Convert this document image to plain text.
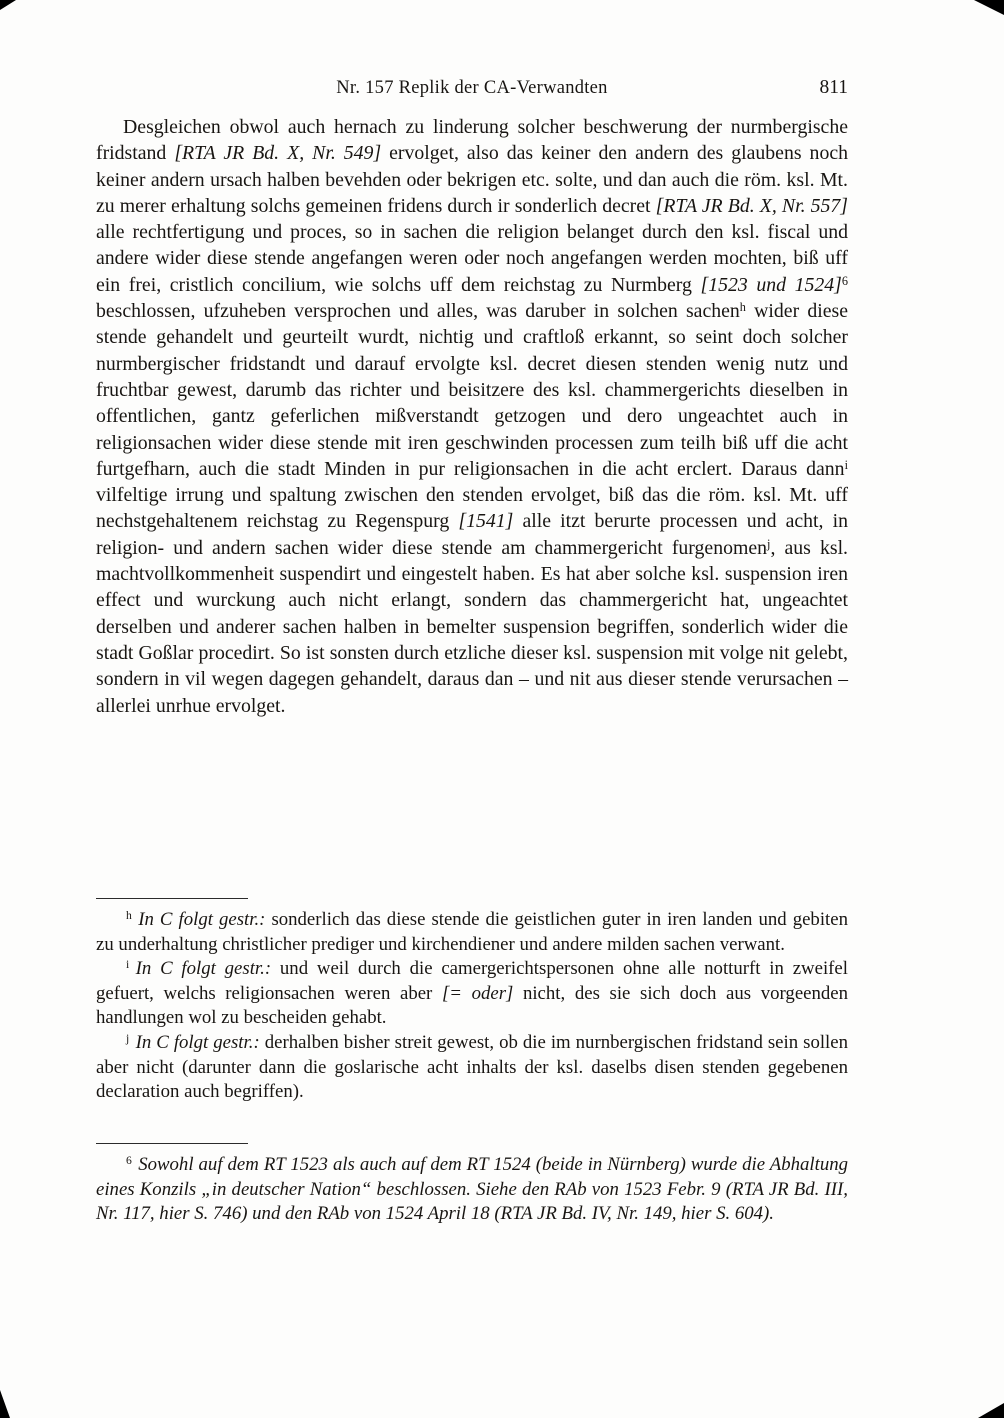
Nr. 157 Replik der CA-Verwandten	811

Desgleichen obwol auch hernach zu linderung solcher beschwerung der nurmbergische fridstand [RTA JR Bd. X, Nr. 549] ervolget, also das keiner den andern des glaubens noch keiner andern ursach halben bevehden oder bekrigen etc. solte, und dan auch die röm. ksl. Mt. zu merer erhaltung solchs gemeinen fridens durch ir sonderlich decret [RTA JR Bd. X, Nr. 557] alle rechtfertigung und proces, so in sachen die religion belanget durch den ksl. fiscal und andere wider diese stende angefangen weren oder noch angefangen werden mochten, biß uff ein frei, cristlich concilium, wie solchs uff dem reichstag zu Nurmberg [1523 und 1524]$^6$ beschlossen, ufzuheben versprochen und alles, was daruber in solchen sachen$^h$ wider diese stende gehandelt und geurteilt wurdt, nichtig und craftloß erkannt, so seint doch solcher nurmbergischer fridstandt und darauf ervolgte ksl. decret diesen stenden wenig nutz und fruchtbar gewest, darumb das richter und beisitzere des ksl. chammergerichts dieselben in offentlichen, gantz geferlichen mißverstandt getzogen und dero ungeachtet auch in religionsachen wider diese stende mit iren geschwinden processen zum teilh biß uff die acht furtgefharn, auch die stadt Minden in pur religionsachen in die acht erclert. Daraus dann$^i$ vilfeltige irrung und spaltung zwischen den stenden ervolget, biß das die röm. ksl. Mt. uff nechstgehaltenem reichstag zu Regenspurg [1541] alle itzt berurte processen und acht, in religion- und andern sachen wider diese stende am chammergericht furgenomen$^j$, aus ksl. machtvollkommenheit suspendirt und eingestelt haben. Es hat aber solche ksl. suspension iren effect und wurckung auch nicht erlangt, sondern das chammergericht hat, ungeachtet derselben und anderer sachen halben in bemelter suspension begriffen, sonderlich wider die stadt Goßlar procedirt. So ist sonsten durch etzliche dieser ksl. suspension mit volge nit gelebt, sondern in vil wegen dagegen gehandelt, daraus dan – und nit aus dieser stende verursachen – allerlei unrhue ervolget.

$^h$ In C folgt gestr.: sonderlich das diese stende die geistlichen guter in iren landen und gebiten zu underhaltung christlicher prediger und kirchendiener und andere milden sachen verwant.

$^i$ In C folgt gestr.: und weil durch die camergerichtspersonen ohne alle notturft in zweifel gefuert, welchs religionsachen weren aber [= oder] nicht, des sie sich doch aus vorgeenden handlungen wol zu bescheiden gehabt.

$^j$ In C folgt gestr.: derhalben bisher streit gewest, ob die im nurnbergischen fridstand sein sollen aber nicht (darunter dann die goslarische acht inhalts der ksl. daselbs disen stenden gegebenen declaration auch begriffen).

$^6$ Sowohl auf dem RT 1523 als auch auf dem RT 1524 (beide in Nürnberg) wurde die Abhaltung eines Konzils „in deutscher Nation“ beschlossen. Siehe den RAb von 1523 Febr. 9 (RTA JR Bd. III, Nr. 117, hier S. 746) und den RAb von 1524 April 18 (RTA JR Bd. IV, Nr. 149, hier S. 604).
